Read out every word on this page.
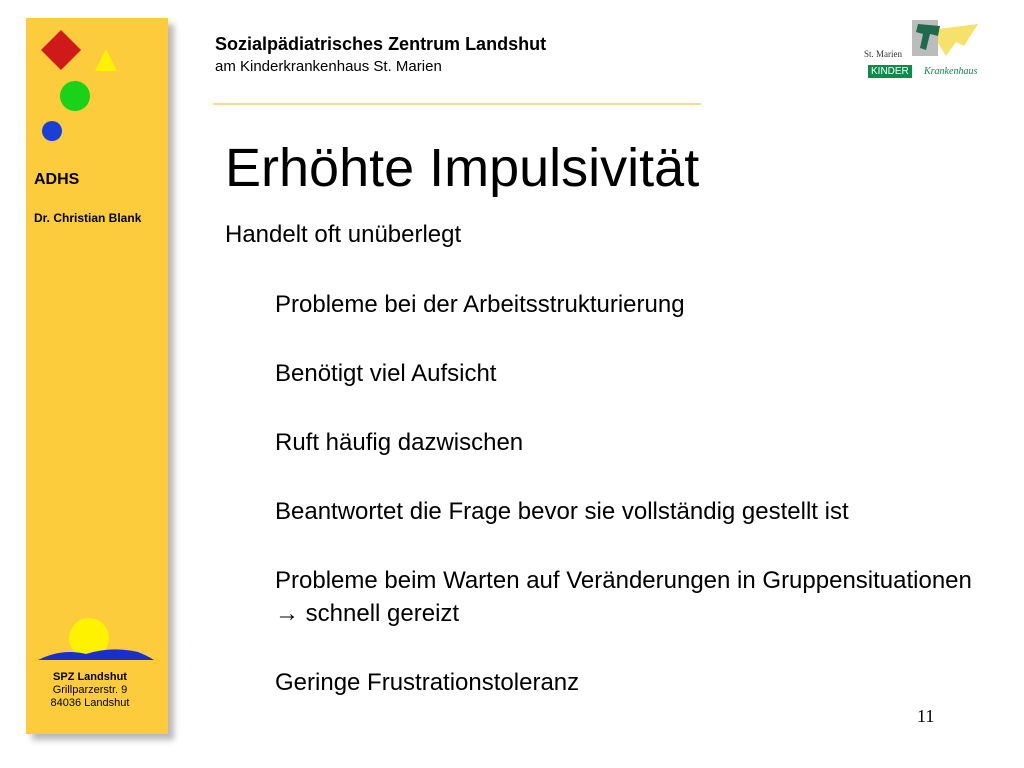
ADHS
Dr. Christian Blank
SPZ Landshut
Grillparzerstr. 9
84036 Landshut
Sozialpädiatrisches Zentrum Landshut
am Kinderkrankenhaus St. Marien
St. Marien
KINDER	Krankenhaus
Erhöhte Impulsivität
Handelt oft unüberlegt
Probleme bei der Arbeitsstrukturierung
Benötigt viel Aufsicht
Ruft häufig dazwischen
Beantwortet die Frage bevor sie vollständig gestellt ist
Probleme beim Warten auf Veränderungen in Gruppensituationen → schnell gereizt
Geringe Frustrationstoleranz
11
